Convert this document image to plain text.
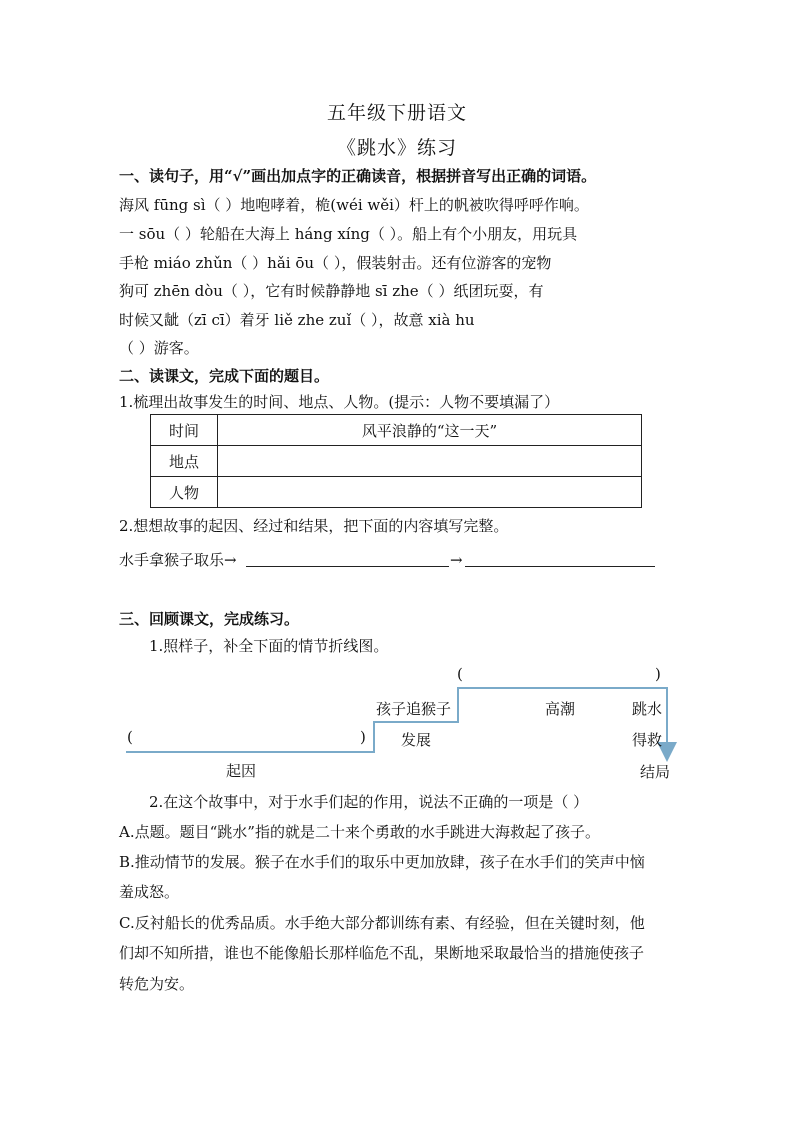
五年级下册语文
《跳水》练习
一、读句子，用“√”画出加点字的正确读音，根据拼音写出正确的词语。
海风 fūng sì（ ）地咆哮着，桅(wéi wěi）杆上的帆被吹得呼呼作响。
一 sōu（ ）轮船在大海上 háng xíng（ ）。船上有个小朋友，用玩具
手枪 miáo zhǔn（ ）hǎi ōu（ ），假装射击。还有位游客的宠物
狗可 zhēn dòu（ ），它有时候静静地 sī zhe（ ）纸团玩耍，有
时候又龇（zī cī）着牙 liě zhe zuǐ（ ），故意 xià hu
（ ）游客。
二、读课文，完成下面的题目。
1.梳理出故事发生的时间、地点、人物。(提示：人物不要填漏了）
时间	风平浪静的“这一天”
地点	
人物	
2.想想故事的起因、经过和结果，把下面的内容填写完整。
水手拿猴子取乐→	→
三、回顾课文，完成练习。
1.照样子，补全下面的情节折线图。
(	)
起因
孩子追猴子
发展
(	)
高潮	跳水
得救
结局
2.在这个故事中，对于水手们起的作用，说法不正确的一项是（ ）
A.点题。题目“跳水”指的就是二十来个勇敢的水手跳进大海救起了孩子。
B.推动情节的发展。猴子在水手们的取乐中更加放肆，孩子在水手们的笑声中恼
羞成怒。
C.反衬船长的优秀品质。水手绝大部分都训练有素、有经验，但在关键时刻，他
们却不知所措，谁也不能像船长那样临危不乱，果断地采取最恰当的措施使孩子
转危为安。
